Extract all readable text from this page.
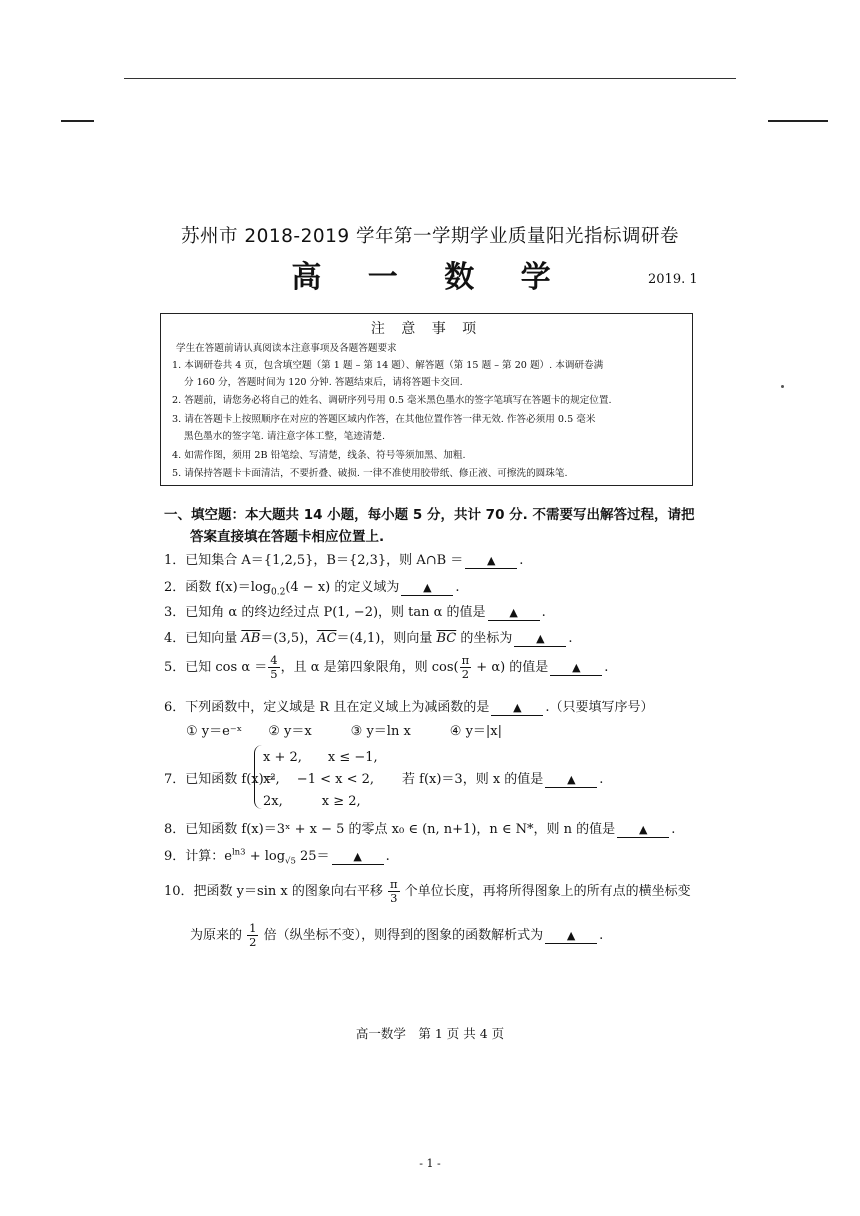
苏州市 2018-2019 学年第一学期学业质量阳光指标调研卷
高 一 数 学	2019. 1
注 意 事 项
学生在答题前请认真阅读本注意事项及各题答题要求
1. 本调研卷共 4 页，包含填空题（第 1 题 – 第 14 题）、解答题（第 15 题 – 第 20 题）. 本调研卷满
分 160 分，答题时间为 120 分钟. 答题结束后，请将答题卡交回.
2. 答题前，请您务必将自己的姓名、调研序列号用 0.5 毫米黑色墨水的签字笔填写在答题卡的规定位置.
3. 请在答题卡上按照顺序在对应的答题区域内作答，在其他位置作答一律无效. 作答必须用 0.5 毫米
黑色墨水的签字笔. 请注意字体工整，笔迹清楚.
4. 如需作图，须用 2B 铅笔绘、写清楚，线条、符号等须加黑、加粗.
5. 请保持答题卡卡面清洁，不要折叠、破损. 一律不准使用胶带纸、修正液、可擦洗的圆珠笔.
一、填空题：本大题共 14 小题，每小题 5 分，共计 70 分. 不需要写出解答过程，请把
答案直接填在答题卡相应位置上.
1．已知集合 A＝{1,2,5}，B＝{2,3}，则 A∩B ＝ ▲ .
2．函数 $f(x)=\log_{0.2}(4 - x)$ 的定义域为 ▲ .
3．已知角 α 的终边经过点 P(1, −2)，则 tan α 的值是 ▲ .
4．已知向量 $\overline{AB}=(3,5)$，$\overline{AC}=(4,1)$，则向量 $\overline{BC}$ 的坐标为 ▲ .
5．已知 $\cos \alpha = \frac{4}{5}$ ，且 α 是第四象限角，则 $\cos( \frac{\pi}{2} + \alpha)$ 的值是 ▲ .
6．下列函数中，定义域是 R 且在定义域上为减函数的是 ▲ .（只要填写序号）
① y＝e⁻ˣ　　② y＝x　　　③ y＝ln x　　　④ y＝|x|
7．已知函数 f(x)＝
x + 2,　　x ≤ −1,
x²,　 −1 < x < 2,
2x,　　　x ≥ 2,
若 f(x)＝3，则 x 的值是 ▲ .
8．已知函数 f(x)＝3ˣ + x − 5 的零点 x₀ ∈ (n, n+1)，n ∈ N*，则 n 的值是 ▲ .
9．计算：$e^{ln3} + \log_{√5} 25=$ ▲ .
10．把函数 y＝sin x 的图象向右平移 $\frac{\pi}{3}$ 个单位长度，再将所得图象上的所有点的横坐标变
为原来的 $\frac{1}{2}$ 倍（纵坐标不变），则得到的图象的函数解析式为 ▲ .
高一数学　第 1 页 共 4 页
- 1 -
